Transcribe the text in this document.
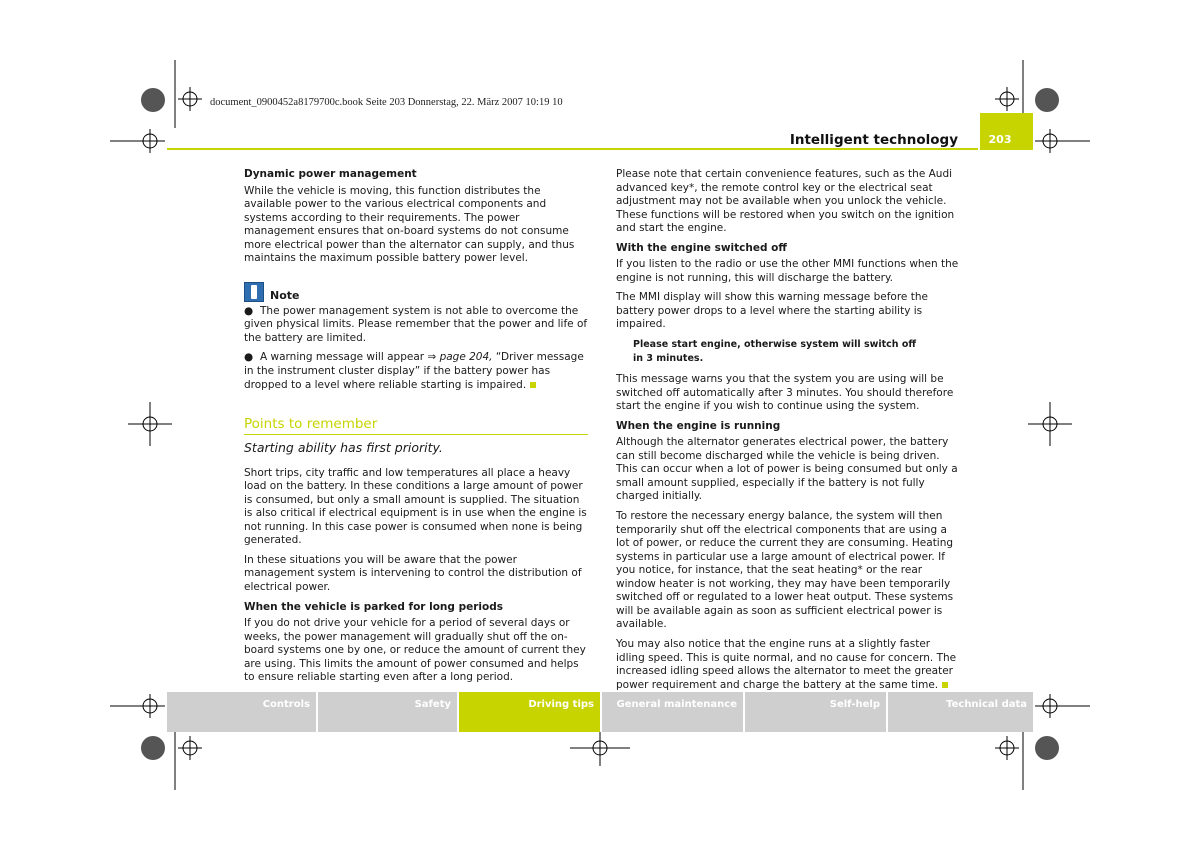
document_0900452a8179700c.book Seite 203 Donnerstag, 22. März 2007 10:19 10
Intelligent technology	203
Dynamic power management

While the vehicle is moving, this function distributes the available power to the various electrical components and systems according to their requirements. The power management ensures that on-board systems do not consume more electrical power than the alternator can supply, and thus maintains the maximum possible battery power level.

Note

● The power management system is not able to overcome the given physical limits. Please remember that the power and life of the battery are limited.

● A warning message will appear ⇒ page 204, “Driver message in the instrument cluster display” if the battery power has dropped to a level where reliable starting is impaired.

Points to remember
Starting ability has first priority.

Short trips, city traffic and low temperatures all place a heavy load on the battery. In these conditions a large amount of power is consumed, but only a small amount is supplied. The situation is also critical if electrical equipment is in use when the engine is not running. In this case power is consumed when none is being generated.

In these situations you will be aware that the power management system is intervening to control the distribution of electrical power.

When the vehicle is parked for long periods

If you do not drive your vehicle for a period of several days or weeks, the power management will gradually shut off the on-board systems one by one, or reduce the amount of current they are using. This limits the amount of power consumed and helps to ensure reliable starting even after a long period.

Please note that certain convenience features, such as the Audi advanced key*, the remote control key or the electrical seat adjustment may not be available when you unlock the vehicle. These functions will be restored when you switch on the ignition and start the engine.

With the engine switched off

If you listen to the radio or use the other MMI functions when the engine is not running, this will discharge the battery.

The MMI display will show this warning message before the battery power drops to a level where the starting ability is impaired.

Please start engine, otherwise system will switch off
in 3 minutes.

This message warns you that the system you are using will be switched off automatically after 3 minutes. You should therefore start the engine if you wish to continue using the system.

When the engine is running

Although the alternator generates electrical power, the battery can still become discharged while the vehicle is being driven. This can occur when a lot of power is being consumed but only a small amount supplied, especially if the battery is not fully charged initially.

To restore the necessary energy balance, the system will then temporarily shut off the electrical components that are using a lot of power, or reduce the current they are consuming. Heating systems in particular use a large amount of electrical power. If you notice, for instance, that the seat heating* or the rear window heater is not working, they may have been temporarily switched off or regulated to a lower heat output. These systems will be available again as soon as sufficient electrical power is available.

You may also notice that the engine runs at a slightly faster idling speed. This is quite normal, and no cause for concern. The increased idling speed allows the alternator to meet the greater power requirement and charge the battery at the same time.

Controls	Safety	Driving tips	General maintenance	Self-help	Technical data
